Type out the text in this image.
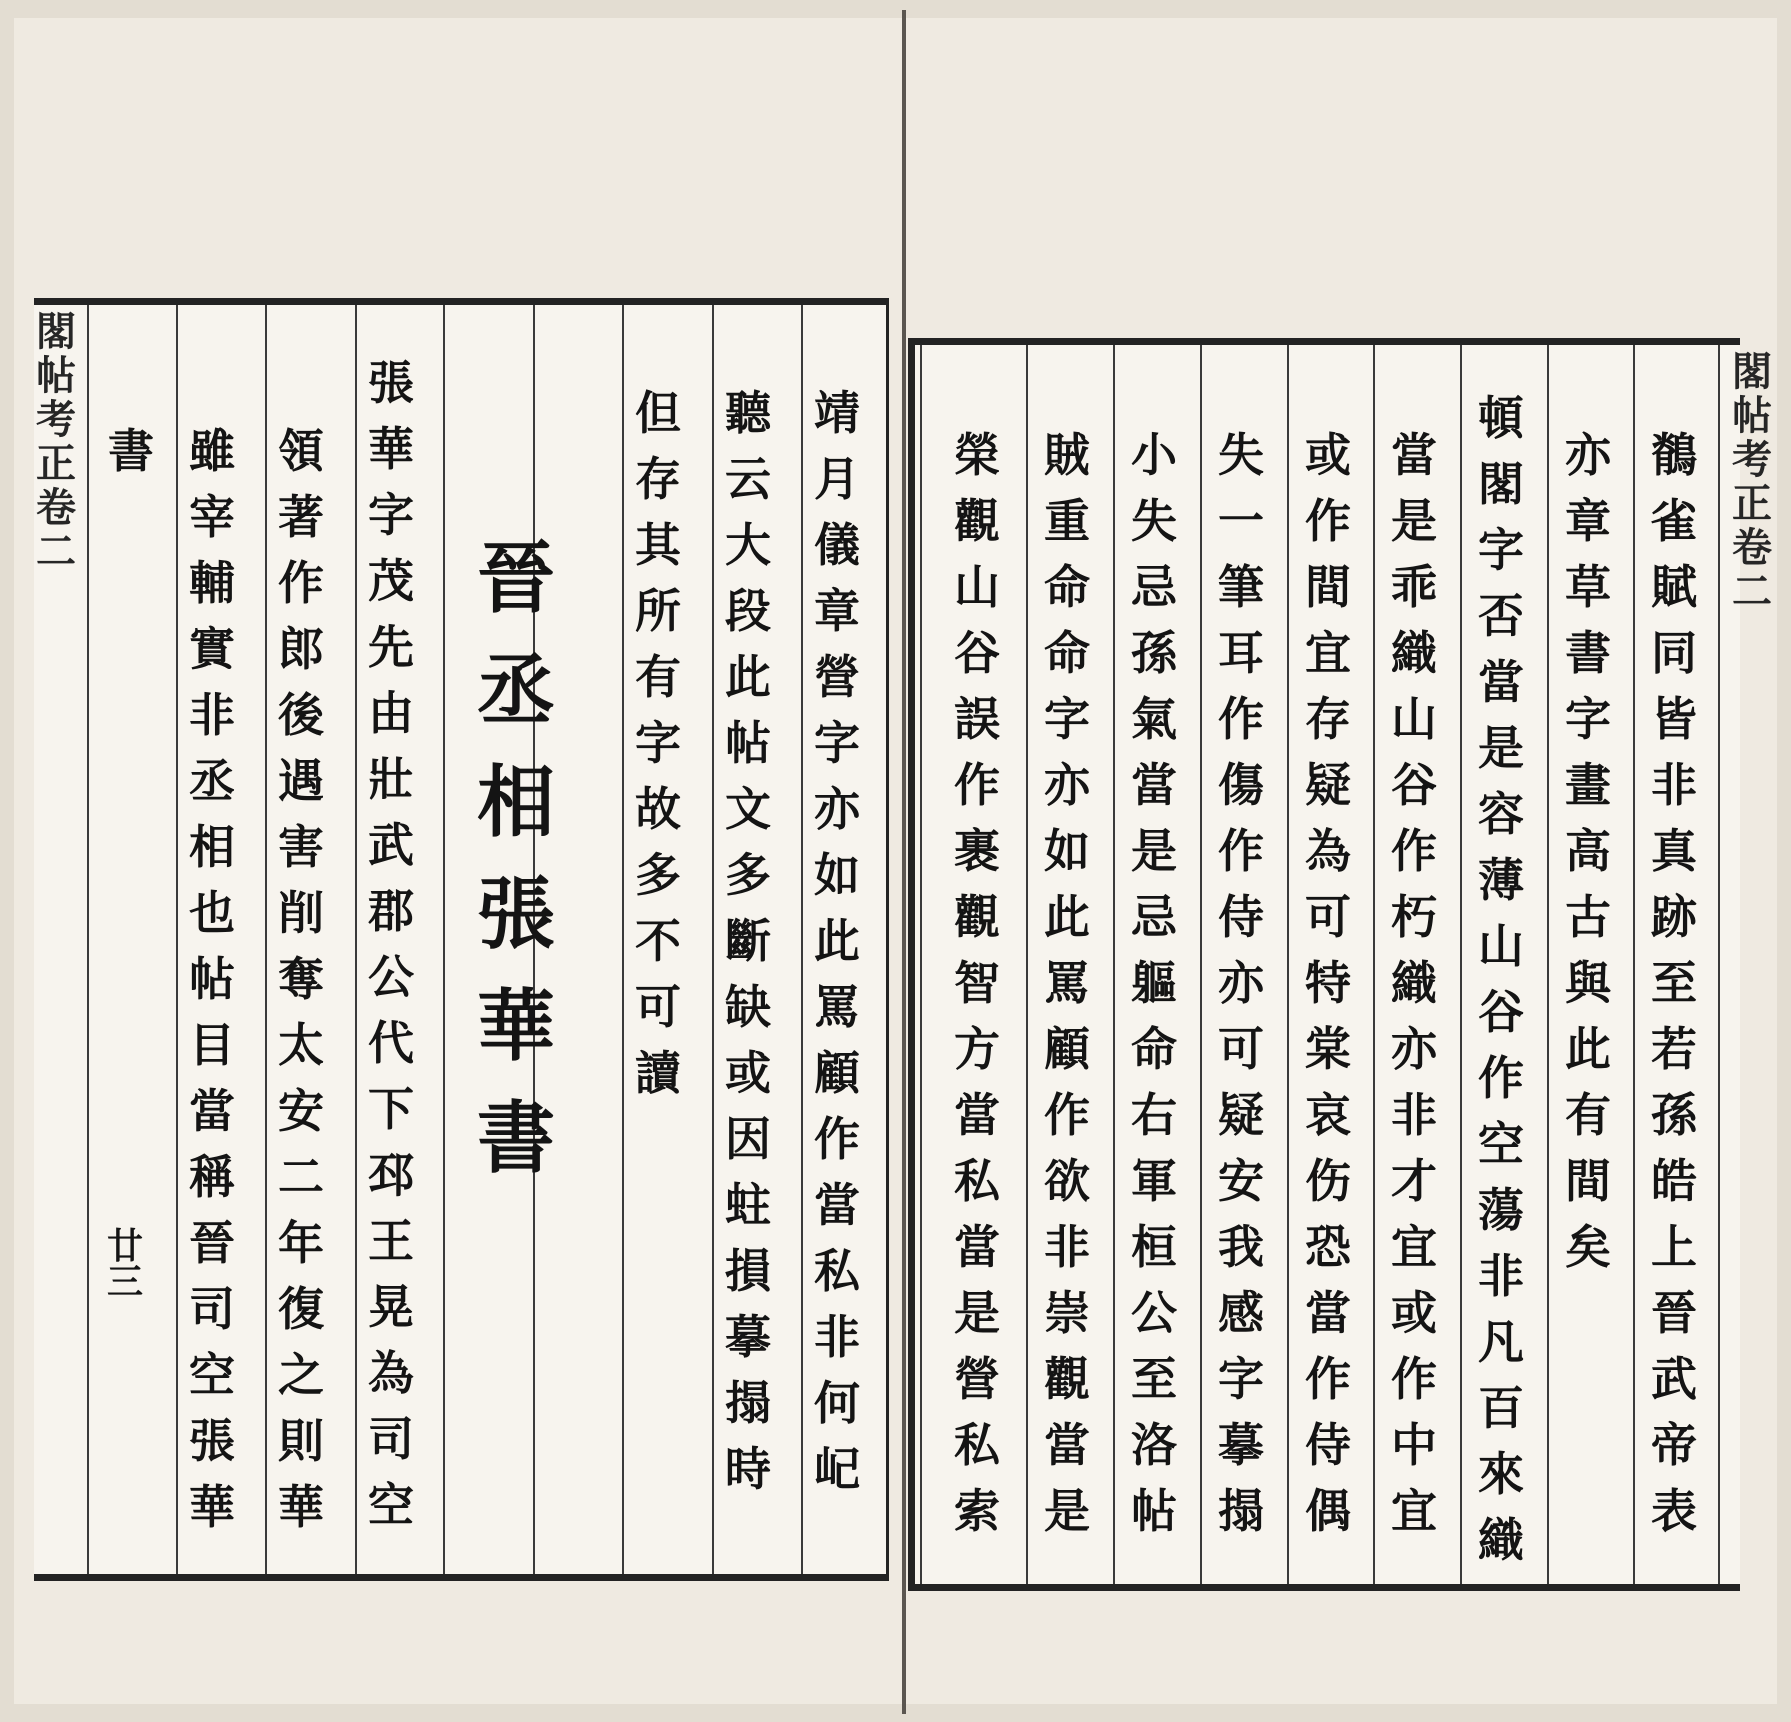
閣
帖
考
正
卷
二
靖
月
儀
章
營
字
亦
如
此
罵
顧
作
當
私
非
何
屺
聽
云
大
段
此
帖
文
多
斷
缺
或
因
蛀
損
摹
搨
時
但
存
其
所
有
字
故
多
不
可
讀
晉
丞
相
張
華
書
張
華
字
茂
先
由
壯
武
郡
公
代
下
邳
王
晃
為
司
空
領
著
作
郎
後
遇
害
削
奪
太
安
二
年
復
之
則
華
雖
宰
輔
實
非
丞
相
也
帖
目
當
稱
晉
司
空
張
華
書
廿
三
閣
帖
考
正
卷
二
鶺
雀
賦
同
皆
非
真
跡
至
若
孫
皓
上
晉
武
帝
表
亦
章
草
書
字
畫
高
古
與
此
有
間
矣
頓
閣
字
否
當
是
容
薄
山
谷
作
空
蕩
非
凡
百
來
織
當
是
乖
織
山
谷
作
朽
織
亦
非
才
宜
或
作
中
宜
或
作
間
宜
存
疑
為
可
特
棠
哀
伤
恐
當
作
侍
偶
失
一
筆
耳
作
傷
作
侍
亦
可
疑
安
我
感
字
摹
搨
小
失
忌
孫
氣
當
是
忌
軀
命
右
軍
桓
公
至
洛
帖
賊
重
命
命
字
亦
如
此
罵
顧
作
欲
非
崇
觀
當
是
榮
觀
山
谷
誤
作
裹
觀
智
方
當
私
當
是
營
私
索
